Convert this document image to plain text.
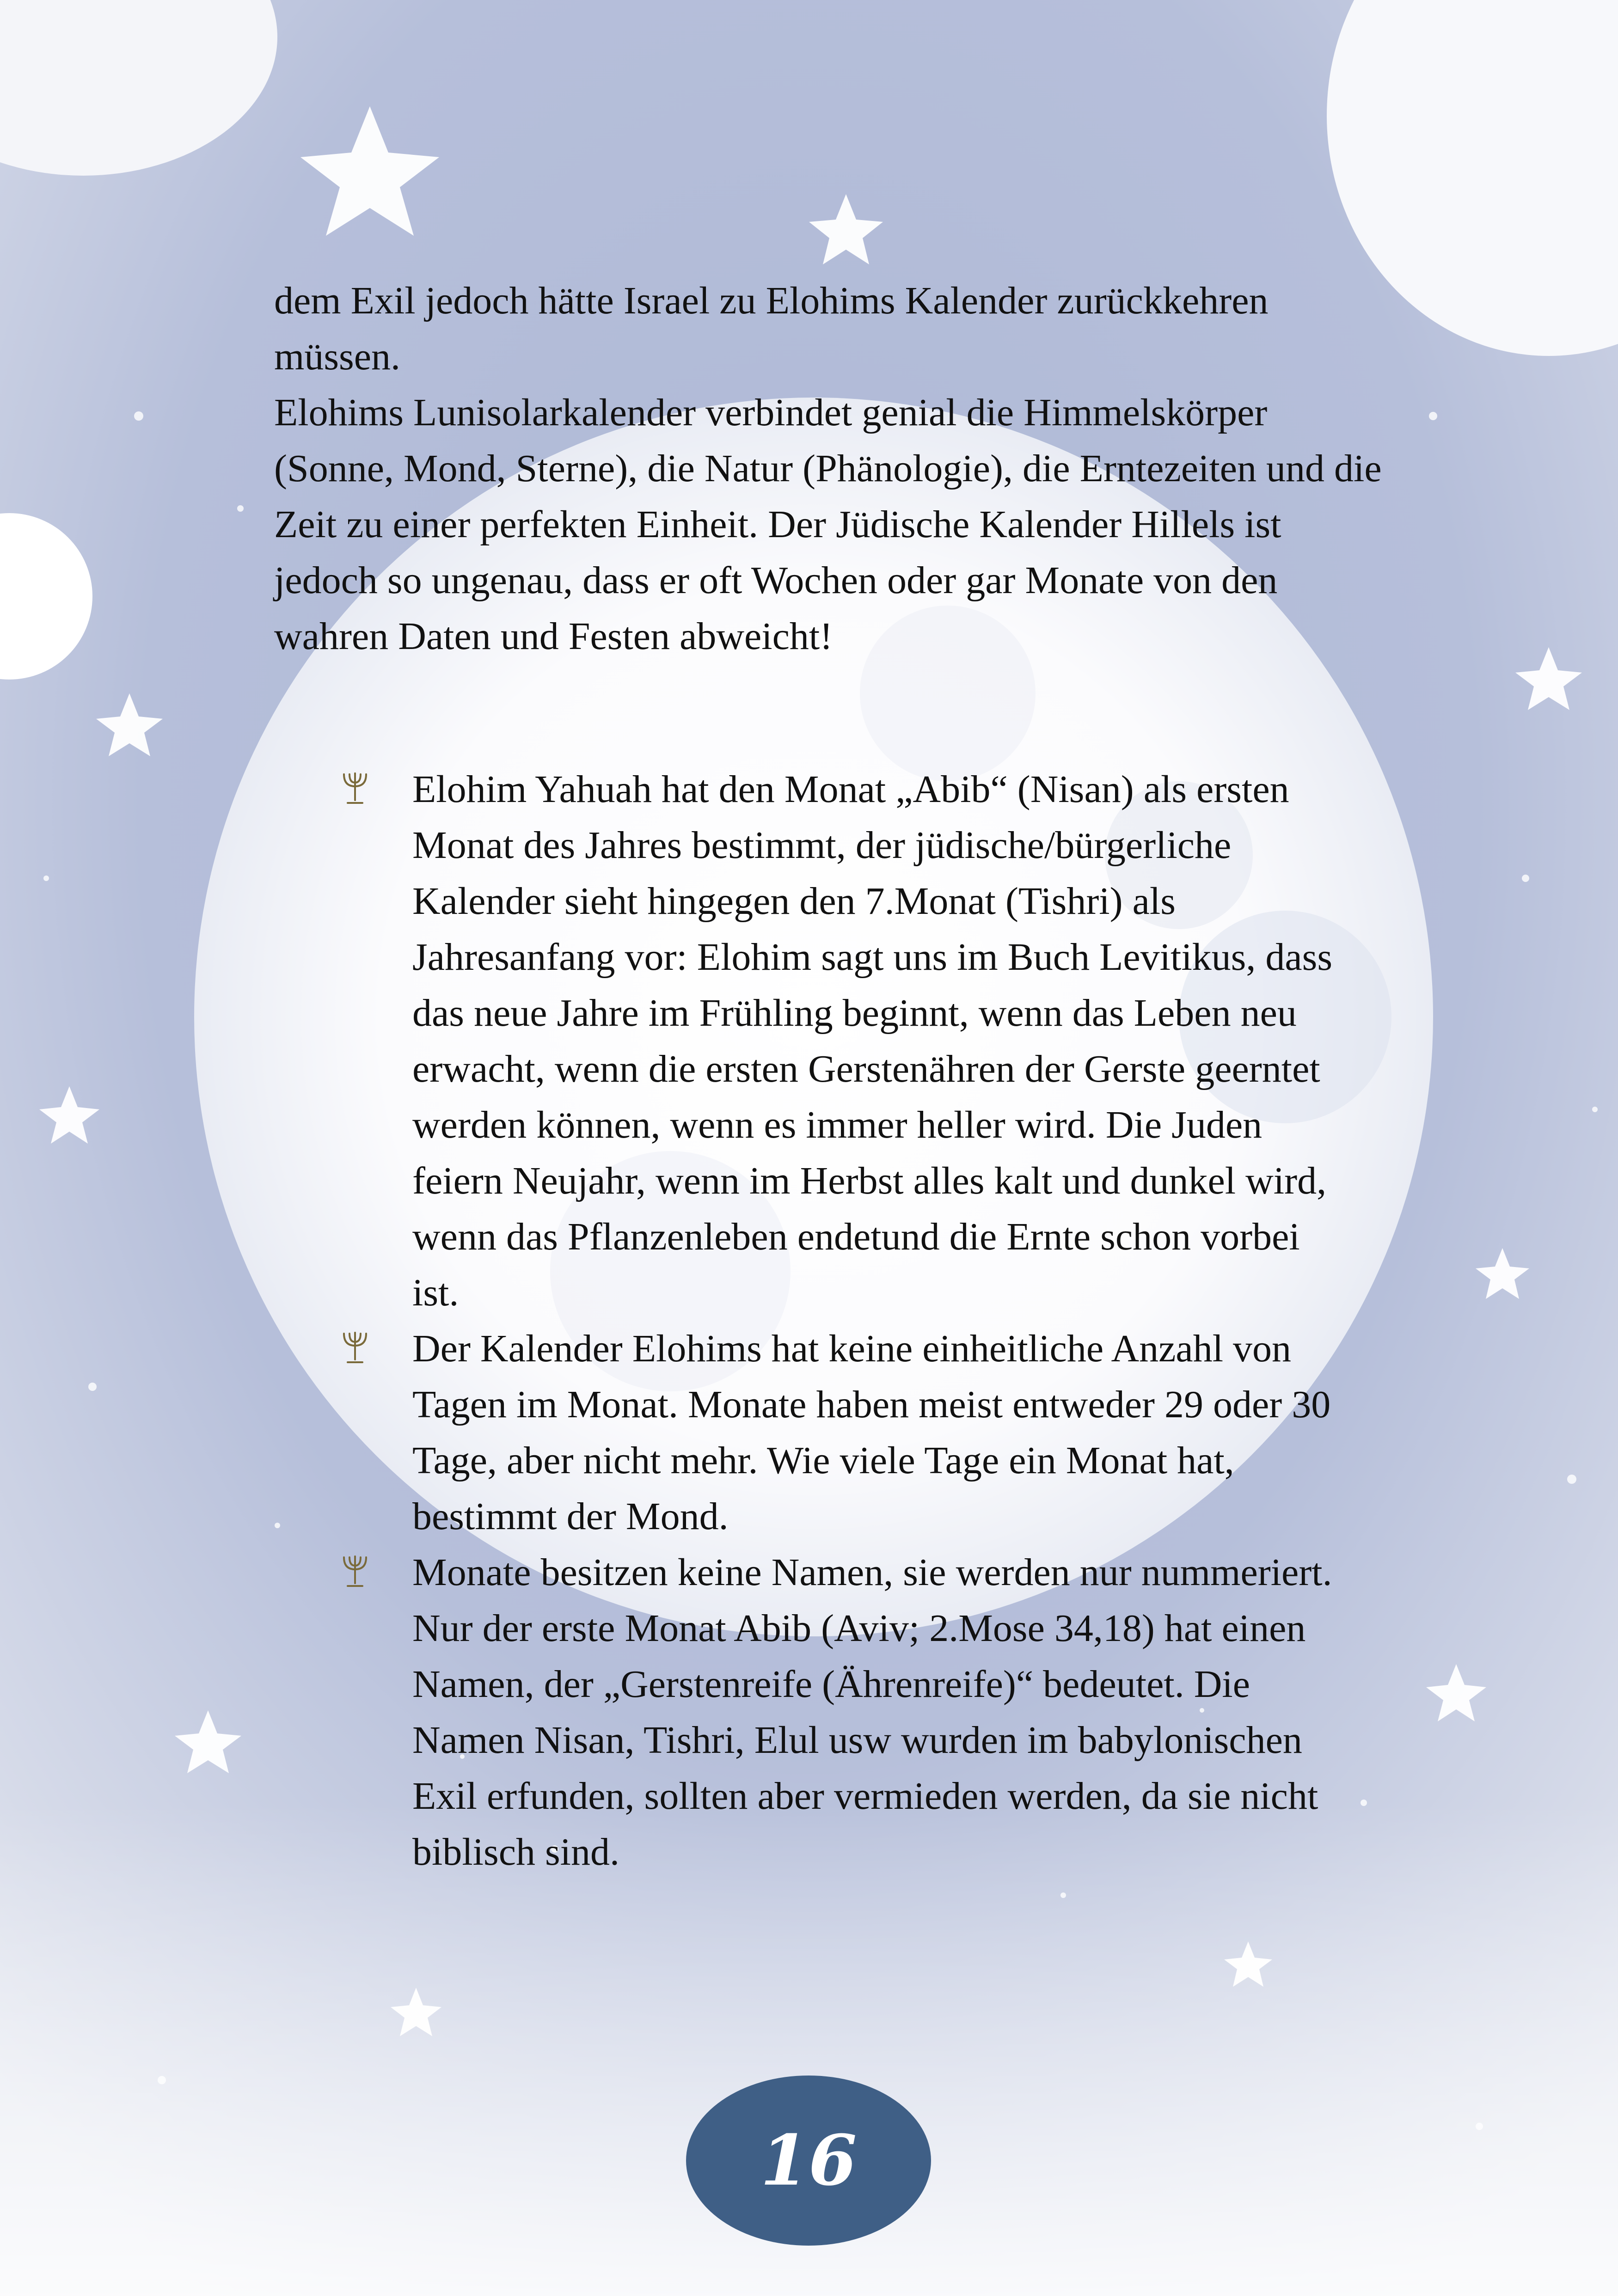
dem Exil jedoch hätte Israel zu Elohims Kalender zurückkehren müssen.

Elohims Lunisolarkalender verbindet genial die Himmelskörper (Sonne, Mond, Sterne), die Natur (Phänologie), die Erntezeiten und die Zeit zu einer perfekten Einheit. Der Jüdische Kalender Hillels ist jedoch so ungenau, dass er oft Wochen oder gar Monate von den wahren Daten und Festen abweicht!

Elohim Yahuah hat den Monat „Abib“ (Nisan) als ersten Monat des Jahres bestimmt, der jüdische/bürgerliche Kalender sieht hingegen den 7.Monat (Tishri) als Jahresanfang vor: Elohim sagt uns im Buch Levitikus, dass das neue Jahre im Frühling beginnt, wenn das Leben neu erwacht, wenn die ersten Gerstenähren der Gerste geerntet werden können, wenn es immer heller wird. Die Juden feiern Neujahr, wenn im Herbst alles kalt und dunkel wird, wenn das Pflanzenleben endetund die Ernte schon vorbei ist.
Der Kalender Elohims hat keine einheitliche Anzahl von Tagen im Monat. Monate haben meist entweder 29 oder 30 Tage, aber nicht mehr. Wie viele Tage ein Monat hat, bestimmt der Mond.
Monate besitzen keine Namen, sie werden nur nummeriert. Nur der erste Monat Abib (Aviv; 2.Mose 34,18) hat einen Namen, der „Gerstenreife (Ährenreife)“ bedeutet. Die Namen Nisan, Tishri, Elul usw wurden im babylonischen Exil erfunden, sollten aber vermieden werden, da sie nicht biblisch sind.
16
